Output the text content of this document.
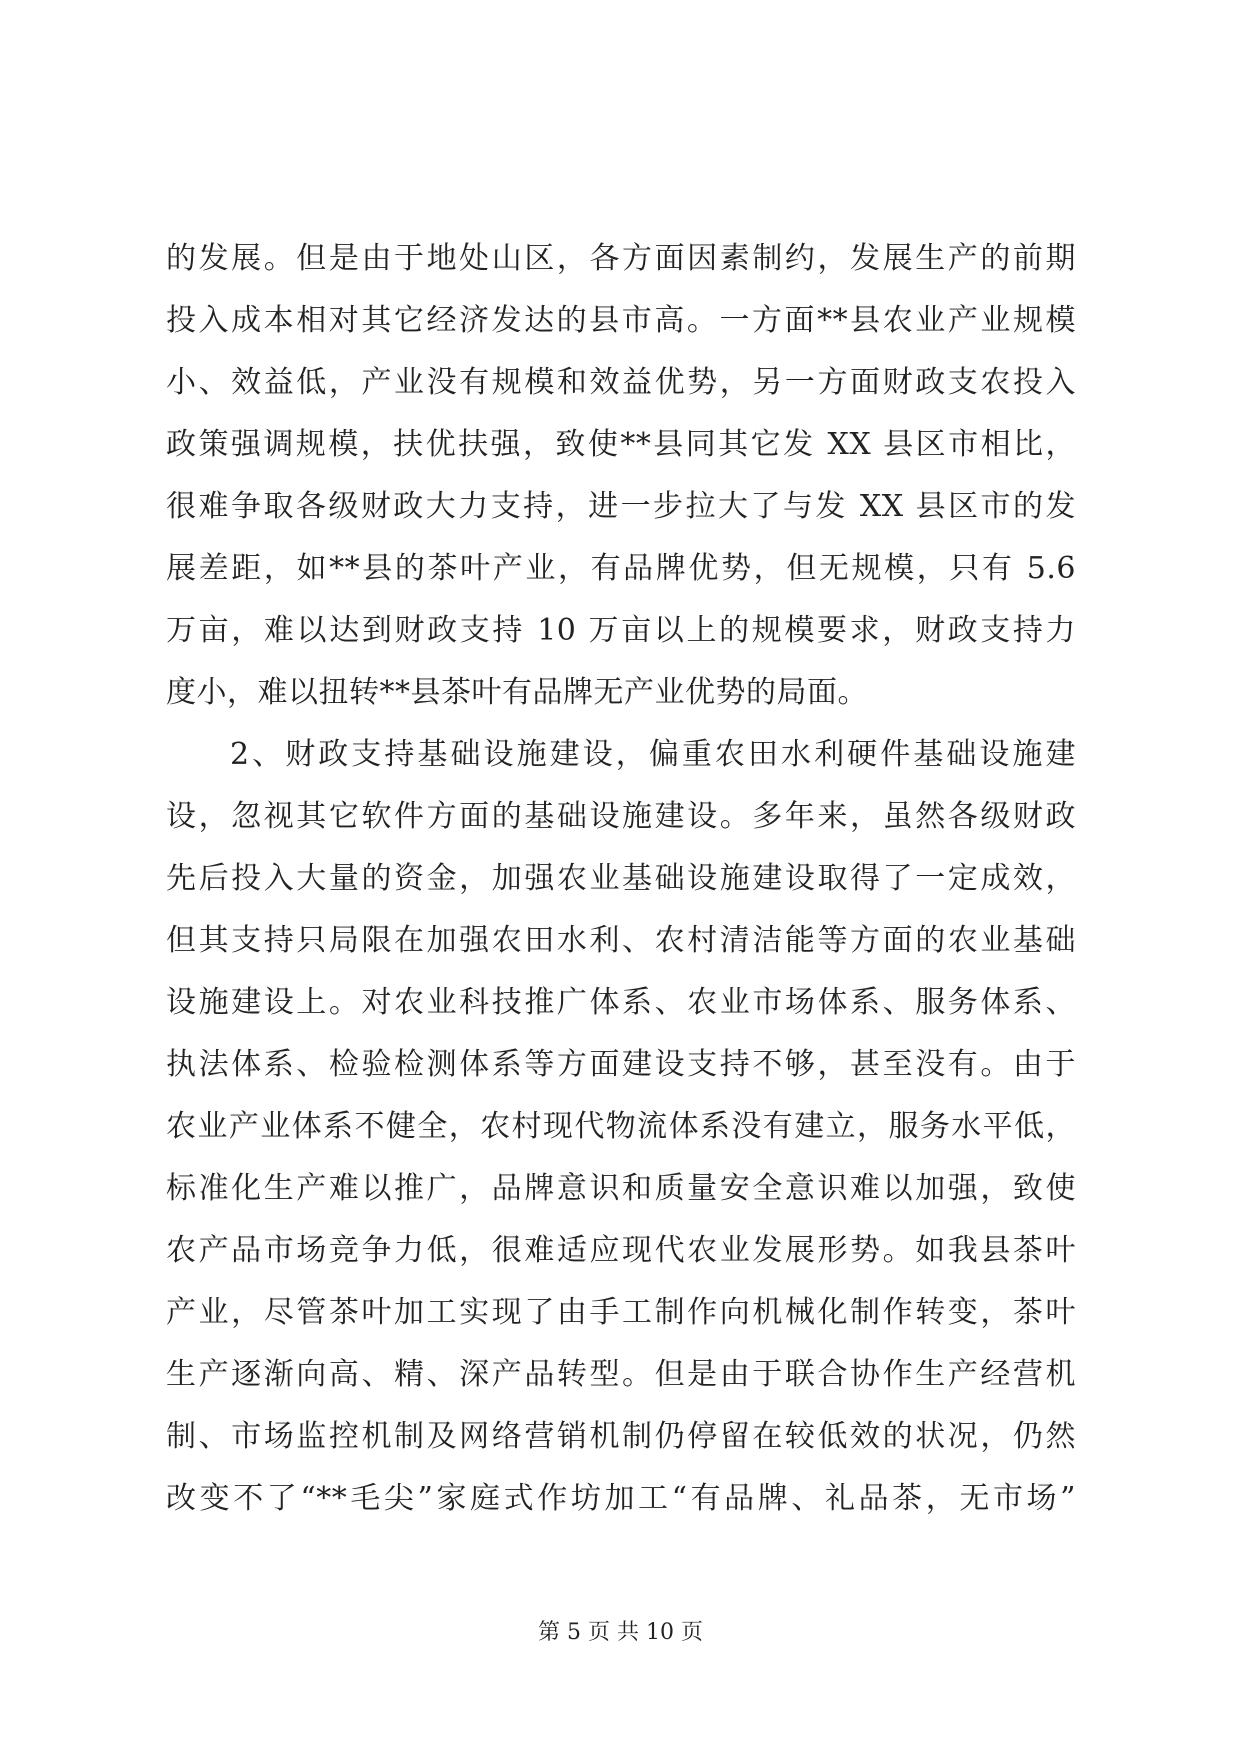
的发展。但是由于地处山区，各方面因素制约，发展生产的前期
投入成本相对其它经济发达的县市高。一方面**县农业产业规模
小、效益低，产业没有规模和效益优势，另一方面财政支农投入
政策强调规模，扶优扶强，致使**县同其它发 XX 县区市相比，
很难争取各级财政大力支持，进一步拉大了与发 XX 县区市的发
展差距，如**县的茶叶产业，有品牌优势，但无规模，只有 5.6
万亩，难以达到财政支持 10 万亩以上的规模要求，财政支持力
度小，难以扭转**县茶叶有品牌无产业优势的局面。
2、财政支持基础设施建设，偏重农田水利硬件基础设施建
设，忽视其它软件方面的基础设施建设。多年来，虽然各级财政
先后投入大量的资金，加强农业基础设施建设取得了一定成效，
但其支持只局限在加强农田水利、农村清洁能等方面的农业基础
设施建设上。对农业科技推广体系、农业市场体系、服务体系、
执法体系、检验检测体系等方面建设支持不够，甚至没有。由于
农业产业体系不健全，农村现代物流体系没有建立，服务水平低，
标准化生产难以推广，品牌意识和质量安全意识难以加强，致使
农产品市场竞争力低，很难适应现代农业发展形势。如我县茶叶
产业，尽管茶叶加工实现了由手工制作向机械化制作转变，茶叶
生产逐渐向高、精、深产品转型。但是由于联合协作生产经营机
制、市场监控机制及网络营销机制仍停留在较低效的状况，仍然
改变不了“**毛尖”家庭式作坊加工“有品牌、礼品茶，无市场”
第 5 页 共 10 页
